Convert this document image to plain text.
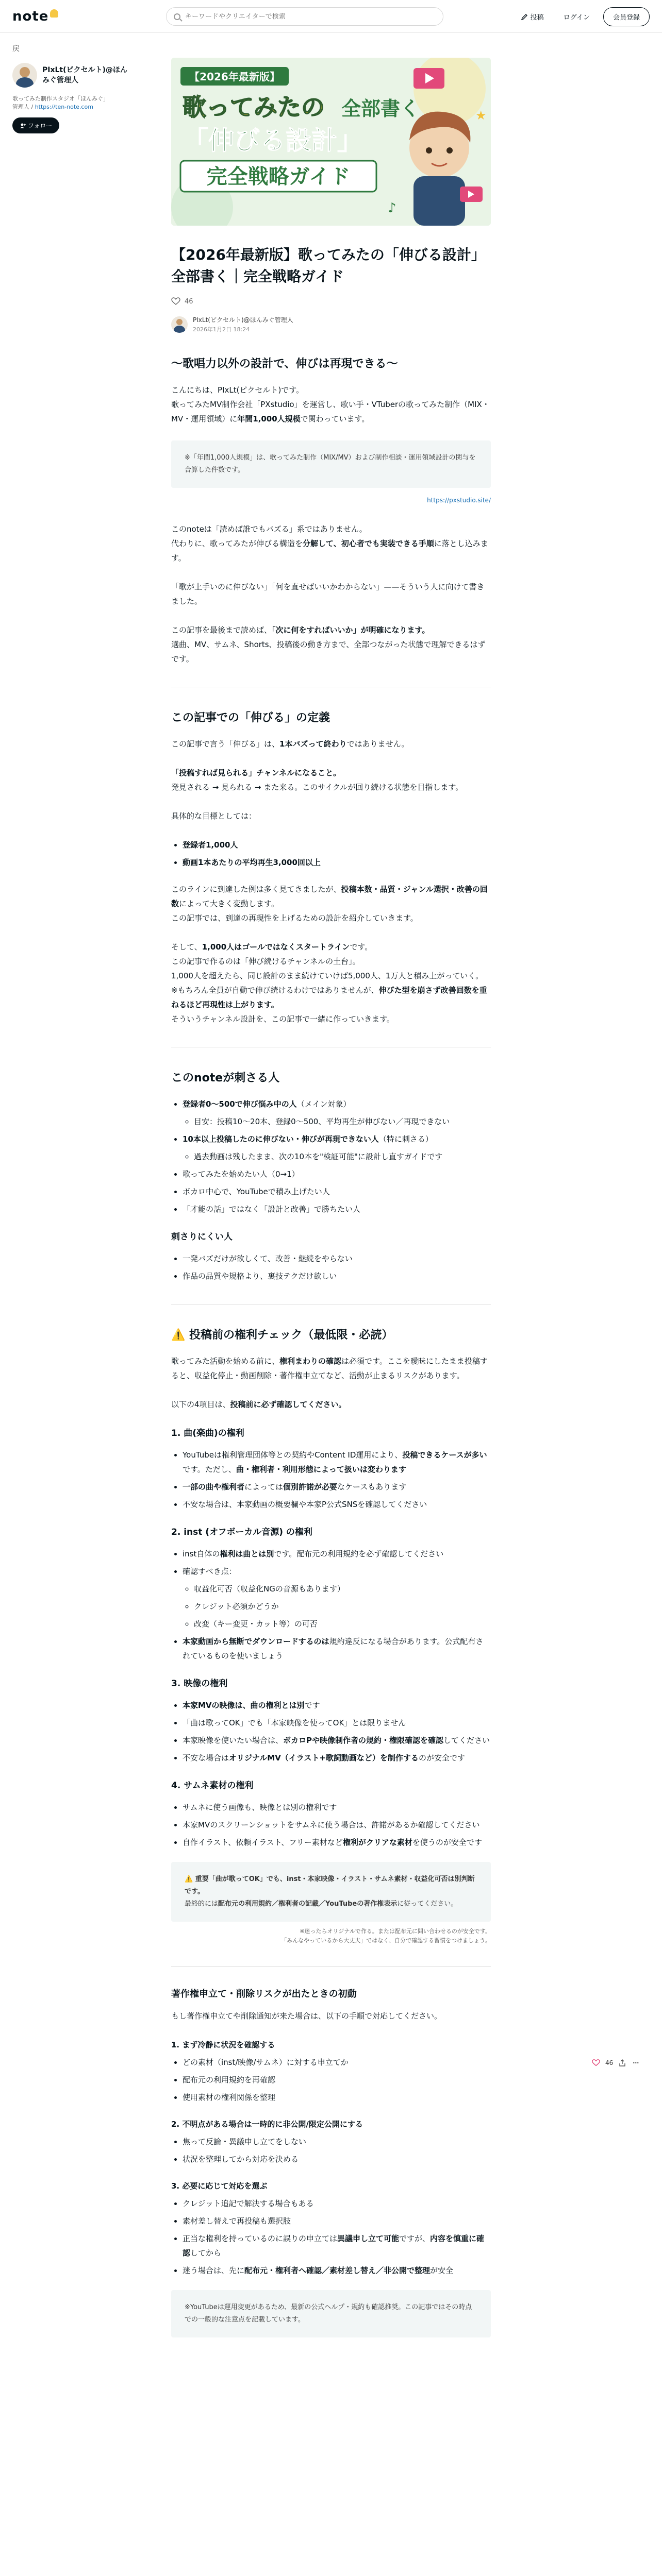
note
キーワードやクリエイターで検索	投稿	ログイン	会員登録
戻
PIxLt(ピクセルト)@ほんみぐ管理人
歌ってみた制作スタジオ「ほんみぐ」
管理人 / https://ten-note.com
フォロー
【2026年最新版】
歌ってみたの 全部書く
「伸びる設計」
完全戦略ガイド
♪
★
【2026年最新版】歌ってみたの「伸びる設計」全部書く｜完全戦略ガイド
46
PIxLt(ピクセルト)@ほんみぐ管理人
2026年1月2日 18:24
〜歌唱力以外の設計で、伸びは再現できる〜

こんにちは、PIxLt(ピクセルト)です。
歌ってみたMV制作会社「PXstudio」を運営し、歌い手・VTuberの歌ってみた制作（MIX・MV・運用領域）に年間1,000人規模で関わっています。

※「年間1,000人規模」は、歌ってみた制作（MIX/MV）および制作相談・運用領域設計の関与を合算した件数です。
https://pxstudio.site/

このnoteは「読めば誰でもバズる」系ではありません。
代わりに、歌ってみたが伸びる構造を分解して、初心者でも実装できる手順に落とし込みます。

「歌が上手いのに伸びない」「何を直せばいいかわからない」——そういう人に向けて書きました。

この記事を最後まで読めば、「次に何をすればいいか」が明確になります。
選曲、MV、サムネ、Shorts、投稿後の動き方まで、全部つながった状態で理解できるはずです。

この記事での「伸びる」の定義

この記事で言う「伸びる」は、1本バズって終わりではありません。

「投稿すれば見られる」チャンネルになること。
発見される → 見られる → また来る。このサイクルが回り続ける状態を目指します。

具体的な目標としては：

• 登録者1,000人
• 動画1本あたりの平均再生3,000回以上

このラインに到達した例は多く見てきましたが、投稿本数・品質・ジャンル選択・改善の回数によって大きく変動します。
この記事では、到達の再現性を上げるための設計を紹介していきます。

そして、1,000人はゴールではなくスタートラインです。
この記事で作るのは「伸び続けるチャンネルの土台」。
1,000人を超えたら、同じ設計のまま続けていけば5,000人、1万人と積み上がっていく。
※もちろん全員が自動で伸び続けるわけではありませんが、伸びた型を崩さず改善回数を重ねるほど再現性は上がります。
そういうチャンネル設計を、この記事で一緒に作っていきます。

このnoteが刺さる人
• 登録者0〜500で伸び悩み中の人（メイン対象）
◦ 目安：投稿10〜20本、登録0〜500、平均再生が伸びない／再現できない
• 10本以上投稿したのに伸びない・伸びが再現できない人（特に刺さる）
◦ 過去動画は残したまま、次の10本を"検証可能"に設計し直すガイドです
• 歌ってみたを始めたい人（0→1）
• ボカロ中心で、YouTubeで積み上げたい人
• 「才能の話」ではなく「設計と改善」で勝ちたい人
刺さりにくい人
• 一発バズだけが欲しくて、改善・継続をやらない
• 作品の品質や規格より、裏技テクだけ欲しい
⚠️ 投稿前の権利チェック（最低限・必読）

歌ってみた活動を始める前に、権利まわりの確認は必須です。ここを曖昧にしたまま投稿すると、収益化停止・動画削除・著作権申立てなど、活動が止まるリスクがあります。

以下の4項目は、投稿前に必ず確認してください。

1. 曲(楽曲)の権利
• YouTubeは権利管理団体等との契約やContent ID運用により、投稿できるケースが多いです。ただし、曲・権利者・利用形態によって扱いは変わります
• 一部の曲や権利者によっては個別許諾が必要なケースもあります
• 不安な場合は、本家動画の概要欄や本家P公式SNSを確認してください
2. inst (オフボーカル音源) の権利
• inst自体の権利は曲とは別です。配布元の利用規約を必ず確認してください
• 確認すべき点：
◦ 収益化可否（収益化NGの音源もあります）
◦ クレジット必須かどうか
◦ 改変（キー変更・カット等）の可否
• 本家動画から無断でダウンロードするのは規約違反になる場合があります。公式配布されているものを使いましょう
3. 映像の権利
• 本家MVの映像は、曲の権利とは別です
• 「曲は歌ってOK」でも「本家映像を使ってOK」とは限りません
• 本家映像を使いたい場合は、ボカロPや映像制作者の規約・権限確認を確認してください
• 不安な場合はオリジナルMV（イラスト+歌詞動画など）を制作するのが安全です
4. サムネ素材の権利
• サムネに使う画像も、映像とは別の権利です
• 本家MVのスクリーンショットをサムネに使う場合は、許諾があるか確認してください
• 自作イラスト、依頼イラスト、フリー素材など権利がクリアな素材を使うのが安全です
⚠️ 重要「曲が歌ってOK」でも、inst・本家映像・イラスト・サムネ素材・収益化可否は別判断です。
最終的には配布元の利用規約／権利者の記載／YouTubeの著作権表示に従ってください。
※迷ったらオリジナルで作る。または配布元に問い合わせるのが安全です。
「みんなやっているから大丈夫」ではなく、自分で確認する習慣をつけましょう。
著作権申立て・削除リスクが出たときの初動

もし著作権申立てや削除通知が来た場合は、以下の手順で対応してください。

1. まず冷静に状況を確認する

• どの素材（inst/映像/サムネ）に対する申立てか
• 配布元の利用規約を再確認
• 使用素材の権利関係を整理

2. 不明点がある場合は一時的に非公開/限定公開にする

• 焦って反論・異議申し立てをしない
• 状況を整理してから対応を決める

3. 必要に応じて対応を選ぶ

• クレジット追記で解決する場合もある
• 素材差し替えで再投稿も選択肢
• 正当な権利を持っているのに誤りの申立ては異議申し立て可能ですが、内容を慎重に確認してから
• 迷う場合は、先に配布元・権利者へ確認／素材差し替え／非公開で整理が安全
※YouTubeは運用変更があるため、最新の公式ヘルプ・規約も確認推奨。この記事ではその時点での一般的な注意点を記載しています。
46	⋯
